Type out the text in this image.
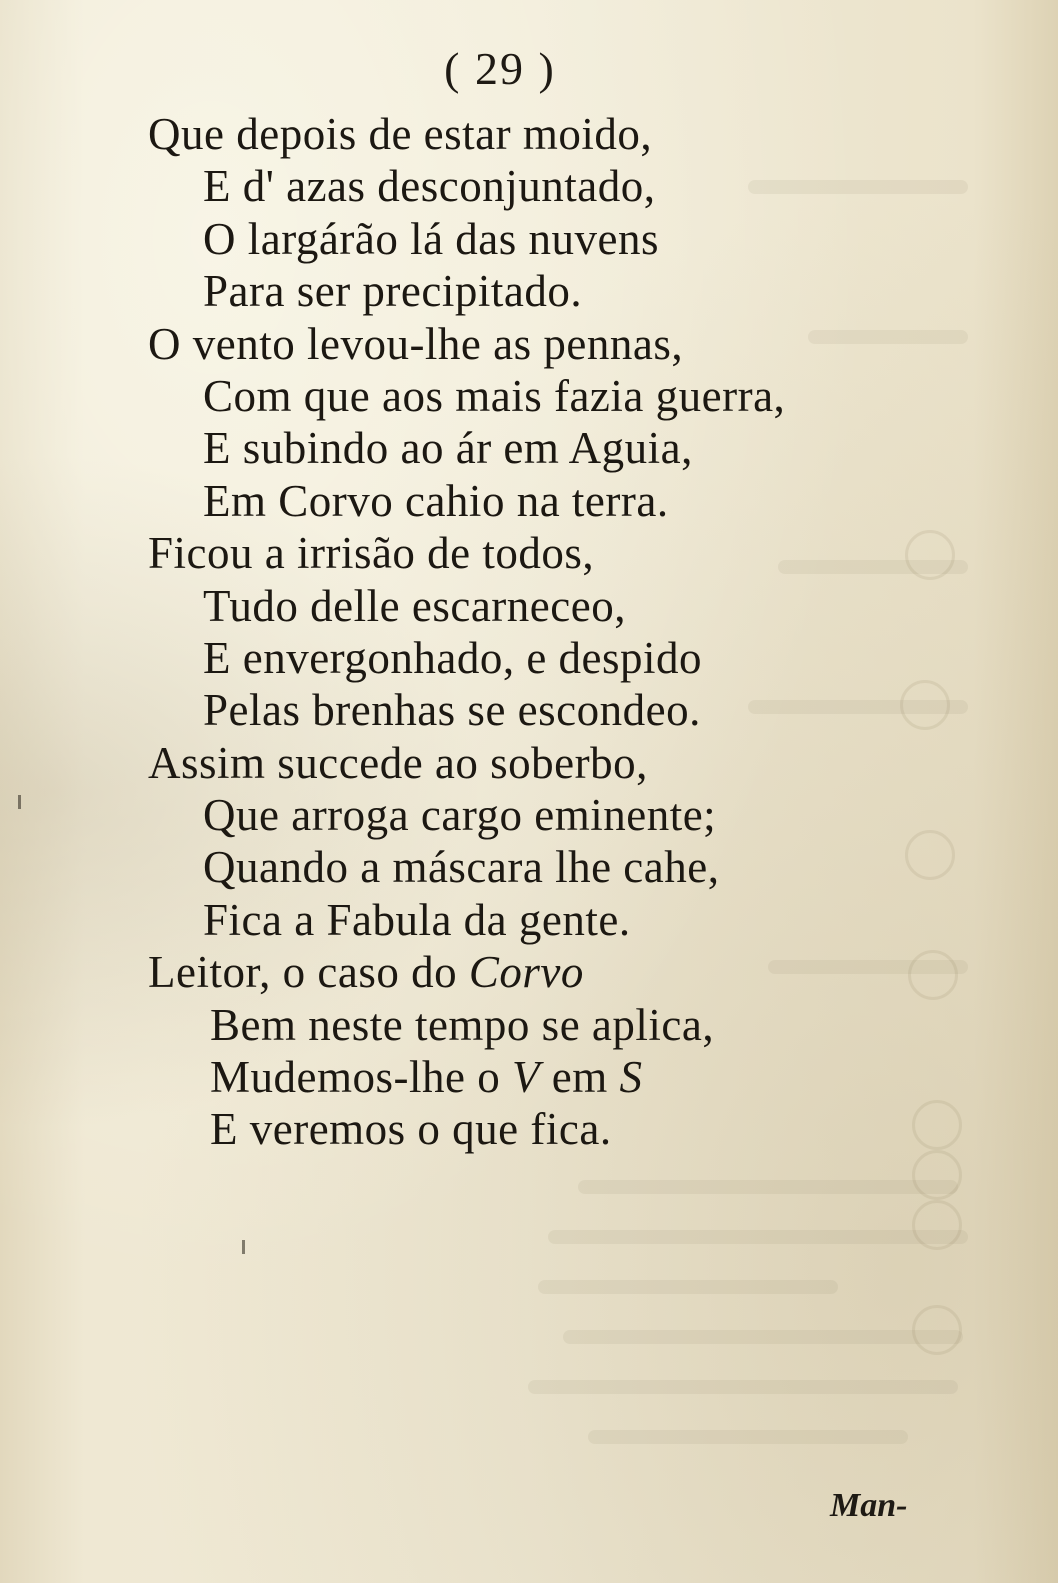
( 29 )
Que depois de estar moido,
E d' azas desconjuntado,
O largárão lá das nuvens
Para ser precipitado.
O vento levou-lhe as pennas,
Com que aos mais fazia guerra,
E subindo ao ár em Aguia,
Em Corvo cahio na terra.
Ficou a irrisão de todos,
Tudo delle escarneceo,
E envergonhado, e despido
Pelas brenhas se escondeo.
Assim succede ao soberbo,
Que arroga cargo eminente;
Quando a máscara lhe cahe,
Fica a Fabula da gente.
Leitor, o caso do Corvo
Bem neste tempo se aplica,
Mudemos-lhe o V em S
E veremos o que fica.
Man-
